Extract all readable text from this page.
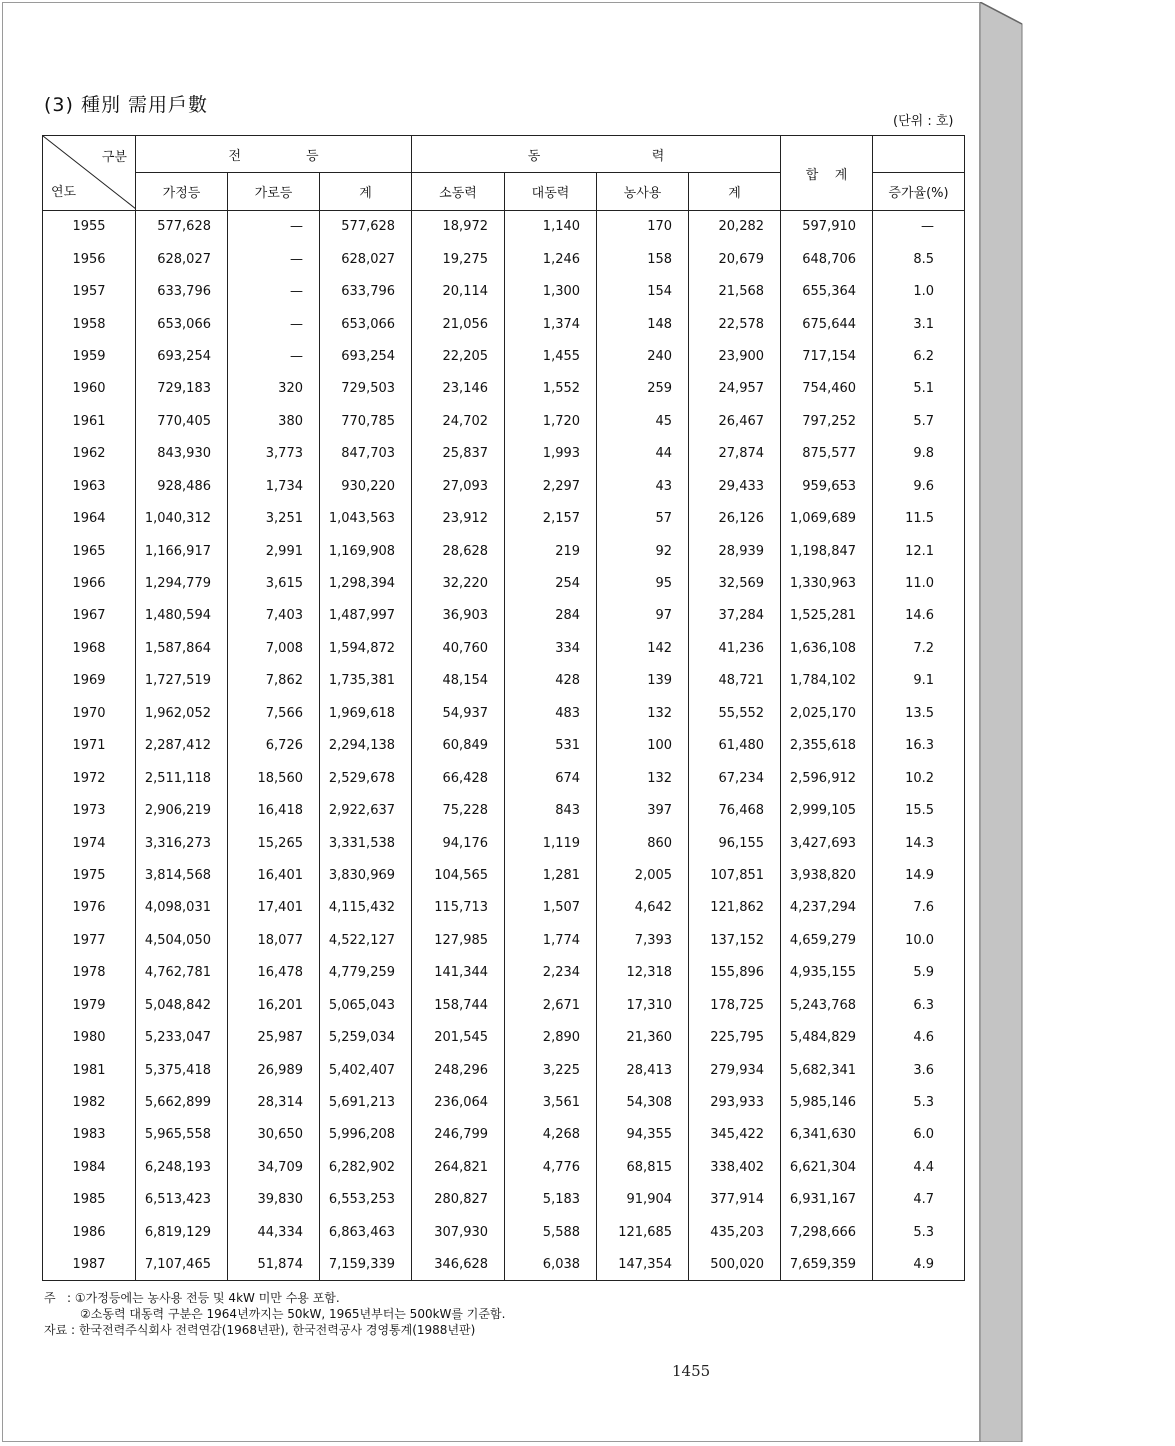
(3) 種別 需用戶數
(단위 : 호)
구분
연도	전 등			동 력				합 계	
	가정등	가로등	계	소동력	대동력	농사용	계		증가율(%)
1955	577,628	—	577,628	18,972	1,140	170	20,282	597,910	—
1956	628,027	—	628,027	19,275	1,246	158	20,679	648,706	8.5
1957	633,796	—	633,796	20,114	1,300	154	21,568	655,364	1.0
1958	653,066	—	653,066	21,056	1,374	148	22,578	675,644	3.1
1959	693,254	—	693,254	22,205	1,455	240	23,900	717,154	6.2
1960	729,183	320	729,503	23,146	1,552	259	24,957	754,460	5.1
1961	770,405	380	770,785	24,702	1,720	45	26,467	797,252	5.7
1962	843,930	3,773	847,703	25,837	1,993	44	27,874	875,577	9.8
1963	928,486	1,734	930,220	27,093	2,297	43	29,433	959,653	9.6
1964	1,040,312	3,251	1,043,563	23,912	2,157	57	26,126	1,069,689	11.5
1965	1,166,917	2,991	1,169,908	28,628	219	92	28,939	1,198,847	12.1
1966	1,294,779	3,615	1,298,394	32,220	254	95	32,569	1,330,963	11.0
1967	1,480,594	7,403	1,487,997	36,903	284	97	37,284	1,525,281	14.6
1968	1,587,864	7,008	1,594,872	40,760	334	142	41,236	1,636,108	7.2
1969	1,727,519	7,862	1,735,381	48,154	428	139	48,721	1,784,102	9.1
1970	1,962,052	7,566	1,969,618	54,937	483	132	55,552	2,025,170	13.5
1971	2,287,412	6,726	2,294,138	60,849	531	100	61,480	2,355,618	16.3
1972	2,511,118	18,560	2,529,678	66,428	674	132	67,234	2,596,912	10.2
1973	2,906,219	16,418	2,922,637	75,228	843	397	76,468	2,999,105	15.5
1974	3,316,273	15,265	3,331,538	94,176	1,119	860	96,155	3,427,693	14.3
1975	3,814,568	16,401	3,830,969	104,565	1,281	2,005	107,851	3,938,820	14.9
1976	4,098,031	17,401	4,115,432	115,713	1,507	4,642	121,862	4,237,294	7.6
1977	4,504,050	18,077	4,522,127	127,985	1,774	7,393	137,152	4,659,279	10.0
1978	4,762,781	16,478	4,779,259	141,344	2,234	12,318	155,896	4,935,155	5.9
1979	5,048,842	16,201	5,065,043	158,744	2,671	17,310	178,725	5,243,768	6.3
1980	5,233,047	25,987	5,259,034	201,545	2,890	21,360	225,795	5,484,829	4.6
1981	5,375,418	26,989	5,402,407	248,296	3,225	28,413	279,934	5,682,341	3.6
1982	5,662,899	28,314	5,691,213	236,064	3,561	54,308	293,933	5,985,146	5.3
1983	5,965,558	30,650	5,996,208	246,799	4,268	94,355	345,422	6,341,630	6.0
1984	6,248,193	34,709	6,282,902	264,821	4,776	68,815	338,402	6,621,304	4.4
1985	6,513,423	39,830	6,553,253	280,827	5,183	91,904	377,914	6,931,167	4.7
1986	6,819,129	44,334	6,863,463	307,930	5,588	121,685	435,203	7,298,666	5.3
1987	7,107,465	51,874	7,159,339	346,628	6,038	147,354	500,020	7,659,359	4.9
주 : ①가정등에는 농사용 전등 및 4kW 미만 수용 포함.
②소동력 대동력 구분은 1964년까지는 50kW, 1965년부터는 500kW를 기준함.
자료 : 한국전력주식회사 전력연감(1968년판), 한국전력공사 경영통계(1988년판)
1455
